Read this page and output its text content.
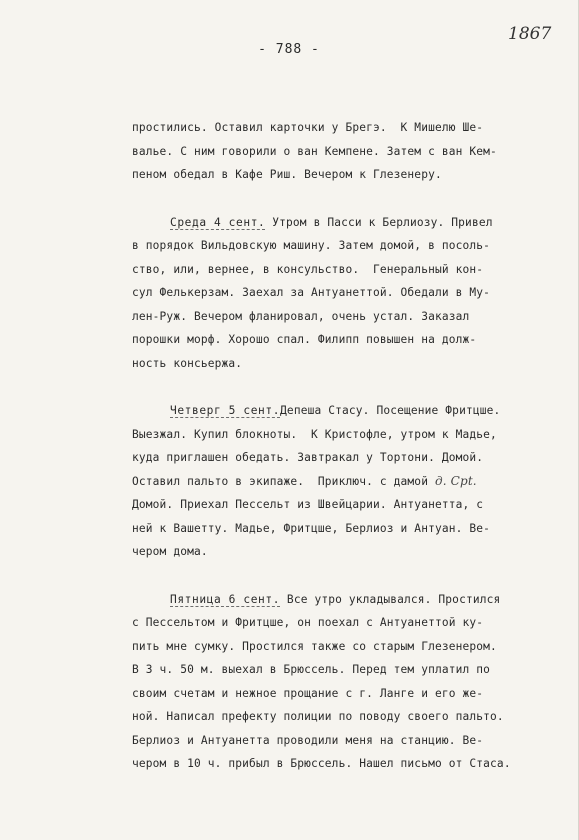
1867
- 788 -
простились. Оставил карточки у Брегэ.  К Мишелю Ше-
валье. С ним говорили о ван Кемпене. Затем с ван Кем-
пеном обедал в Кафе Риш. Вечером к Глезенеру.
Среда 4 сент. Утром в Пасси к Берлиозу. Привел
в порядок Вильдовскую машину. Затем домой, в посоль-
ство, или, вернее, в консульство.  Генеральный кон-
сул Фелькерзам. Заехал за Антуанеттой. Обедали в Му-
лен-Руж. Вечером фланировал, очень устал. Заказал
порошки морф. Хорошо спал. Филипп повышен на долж-
ность консьержа.
Четверг 5 сент.Депеша Стасу. Посещение Фритцше.
Выезжал. Купил блокноты.  К Кристофле, утром к Мадье,
куда приглашен обедать. Завтракал у Тортони. Домой.
Оставил пальто в экипаже.  Приключ. с дамой д. Cpt.
Домой. Приехал Пессельт из Швейцарии. Антуанетта, с
ней к Вашетту. Мадье, Фритцше, Берлиоз и Антуан. Ве-
чером дома.
Пятница 6 сент. Все утро укладывался. Простился
с Пессельтом и Фритцше, он поехал с Антуанеттой ку-
пить мне сумку. Простился также со старым Глезенером.
В 3 ч. 50 м. выехал в Брюссель. Перед тем уплатил по
своим счетам и нежное прощание с г. Ланге и его же-
ной. Написал префекту полиции по поводу своего пальто.
Берлиоз и Антуанетта проводили меня на станцию. Ве-
чером в 10 ч. прибыл в Брюссель. Нашел письмо от Стаса.
